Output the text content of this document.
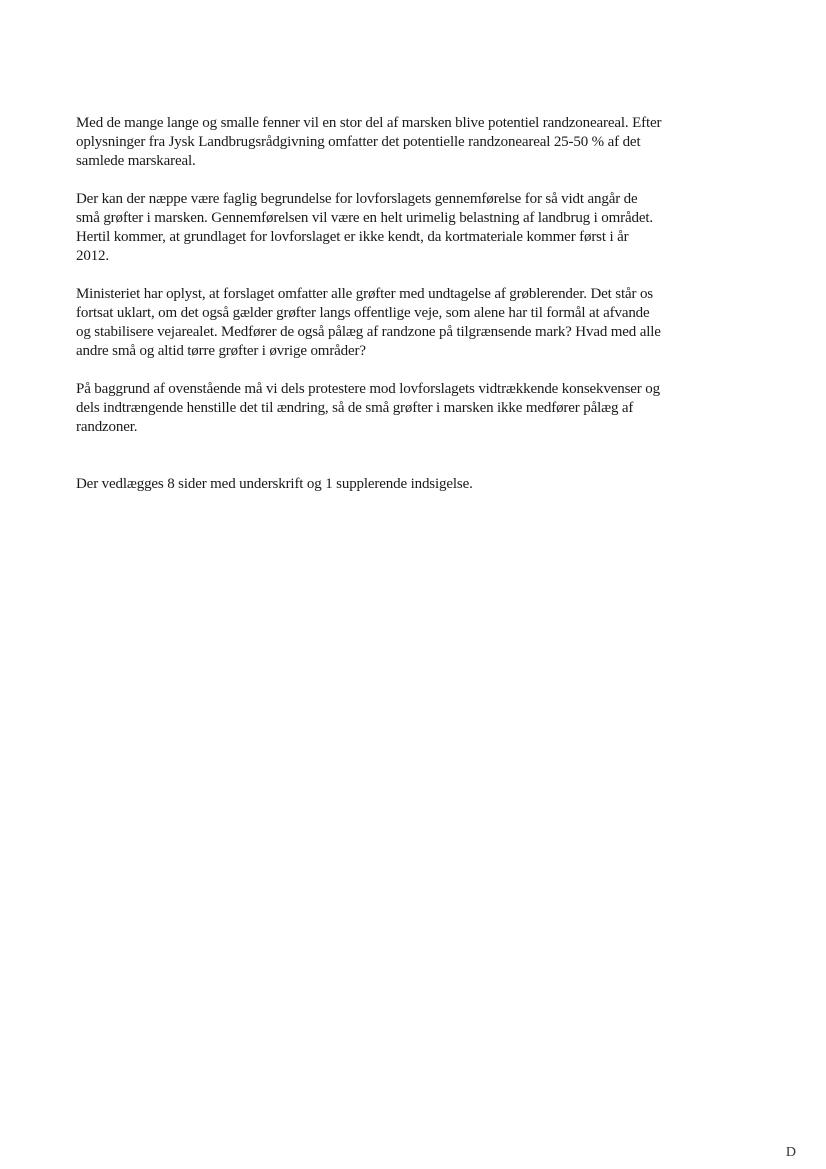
Med de mange lange og smalle fenner vil en stor del af marsken blive potentiel randzoneareal. Efter
oplysninger fra Jysk Landbrugsrådgivning omfatter det potentielle randzoneareal 25-50 % af det
samlede marskareal.

Der kan der næppe være faglig begrundelse for lovforslagets gennemførelse for så vidt angår de
små grøfter i marsken. Gennemførelsen vil være en helt urimelig belastning af landbrug i området.
Hertil kommer, at grundlaget for lovforslaget er ikke kendt, da kortmateriale kommer først i år
2012.

Ministeriet har oplyst, at forslaget omfatter alle grøfter med undtagelse af grøblerender. Det står os
fortsat uklart, om det også gælder grøfter langs offentlige veje, som alene har til formål at afvande
og stabilisere vejarealet. Medfører de også pålæg af randzone på tilgrænsende mark? Hvad med alle
andre små og altid tørre grøfter i øvrige områder?

På baggrund af ovenstående må vi dels protestere mod lovforslagets vidtrækkende konsekvenser og
dels indtrængende henstille det til ændring, så de små grøfter i marsken ikke medfører pålæg af
randzoner.

Der vedlægges 8 sider med underskrift og 1 supplerende indsigelse.

D
